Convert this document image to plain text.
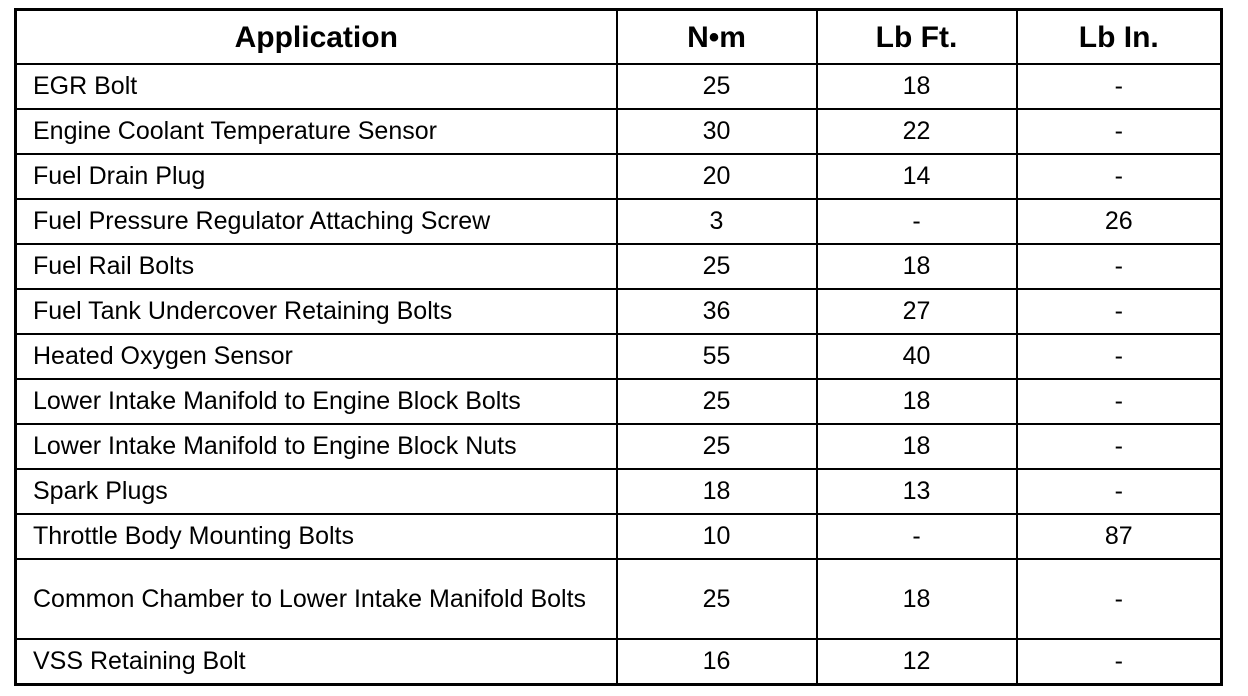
Application	N•m	Lb Ft.	Lb In.
EGR Bolt	25	18	-
Engine Coolant Temperature Sensor	30	22	-
Fuel Drain Plug	20	14	-
Fuel Pressure Regulator Attaching Screw	3	-	26
Fuel Rail Bolts	25	18	-
Fuel Tank Undercover Retaining Bolts	36	27	-
Heated Oxygen Sensor	55	40	-
Lower Intake Manifold to Engine Block Bolts	25	18	-
Lower Intake Manifold to Engine Block Nuts	25	18	-
Spark Plugs	18	13	-
Throttle Body Mounting Bolts	10	-	87
Common Chamber to Lower Intake Manifold Bolts	25	18	-
VSS Retaining Bolt	16	12	-
